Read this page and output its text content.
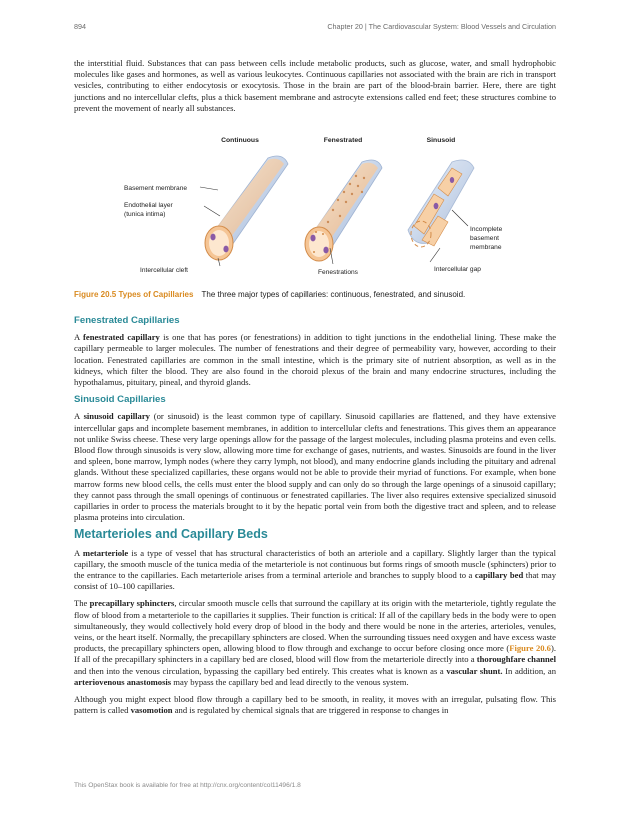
894	Chapter 20 | The Cardiovascular System: Blood Vessels and Circulation

the interstitial fluid. Substances that can pass between cells include metabolic products, such as glucose, water, and small hydrophobic molecules like gases and hormones, as well as various leukocytes. Continuous capillaries not associated with the brain are rich in transport vesicles, contributing to either endocytosis or exocytosis. Those in the brain are part of the blood-brain barrier. Here, there are tight junctions and no intercellular clefts, plus a thick basement membrane and astrocyte extensions called end feet; these structures combine to prevent the movement of nearly all substances.

Continuous	Fenestrated	Sinusoid
Basement membrane
Endothelial layer
(tunica intima)
Intercellular cleft	Fenestrations
Incomplete
basement
membrane
Intercellular gap
Figure 20.5 Types of Capillaries The three major types of capillaries: continuous, fenestrated, and sinusoid.
Fenestrated Capillaries

A fenestrated capillary is one that has pores (or fenestrations) in addition to tight junctions in the endothelial lining. These make the capillary permeable to larger molecules. The number of fenestrations and their degree of permeability vary, however, according to their location. Fenestrated capillaries are common in the small intestine, which is the primary site of nutrient absorption, as well as in the kidneys, which filter the blood. They are also found in the choroid plexus of the brain and many endocrine structures, including the hypothalamus, pituitary, pineal, and thyroid glands.

Sinusoid Capillaries

A sinusoid capillary (or sinusoid) is the least common type of capillary. Sinusoid capillaries are flattened, and they have extensive intercellular gaps and incomplete basement membranes, in addition to intercellular clefts and fenestrations. This gives them an appearance not unlike Swiss cheese. These very large openings allow for the passage of the largest molecules, including plasma proteins and even cells. Blood flow through sinusoids is very slow, allowing more time for exchange of gases, nutrients, and wastes. Sinusoids are found in the liver and spleen, bone marrow, lymph nodes (where they carry lymph, not blood), and many endocrine glands including the pituitary and adrenal glands. Without these specialized capillaries, these organs would not be able to provide their myriad of functions. For example, when bone marrow forms new blood cells, the cells must enter the blood supply and can only do so through the large openings of a sinusoid capillary; they cannot pass through the small openings of continuous or fenestrated capillaries. The liver also requires extensive specialized sinusoid capillaries in order to process the materials brought to it by the hepatic portal vein from both the digestive tract and spleen, and to release plasma proteins into circulation.

Metarterioles and Capillary Beds

A metarteriole is a type of vessel that has structural characteristics of both an arteriole and a capillary. Slightly larger than the typical capillary, the smooth muscle of the tunica media of the metarteriole is not continuous but forms rings of smooth muscle (sphincters) prior to the entrance to the capillaries. Each metarteriole arises from a terminal arteriole and branches to supply blood to a capillary bed that may consist of 10–100 capillaries.

The precapillary sphincters, circular smooth muscle cells that surround the capillary at its origin with the metarteriole, tightly regulate the flow of blood from a metarteriole to the capillaries it supplies. Their function is critical: If all of the capillary beds in the body were to open simultaneously, they would collectively hold every drop of blood in the body and there would be none in the arteries, arterioles, venules, veins, or the heart itself. Normally, the precapillary sphincters are closed. When the surrounding tissues need oxygen and have excess waste products, the precapillary sphincters open, allowing blood to flow through and exchange to occur before closing once more (Figure 20.6). If all of the precapillary sphincters in a capillary bed are closed, blood will flow from the metarteriole directly into a thoroughfare channel and then into the venous circulation, bypassing the capillary bed entirely. This creates what is known as a vascular shunt. In addition, an arteriovenous anastomosis may bypass the capillary bed and lead directly to the venous system.

Although you might expect blood flow through a capillary bed to be smooth, in reality, it moves with an irregular, pulsating flow. This pattern is called vasomotion and is regulated by chemical signals that are triggered in response to changes in

This OpenStax book is available for free at http://cnx.org/content/col11496/1.8
